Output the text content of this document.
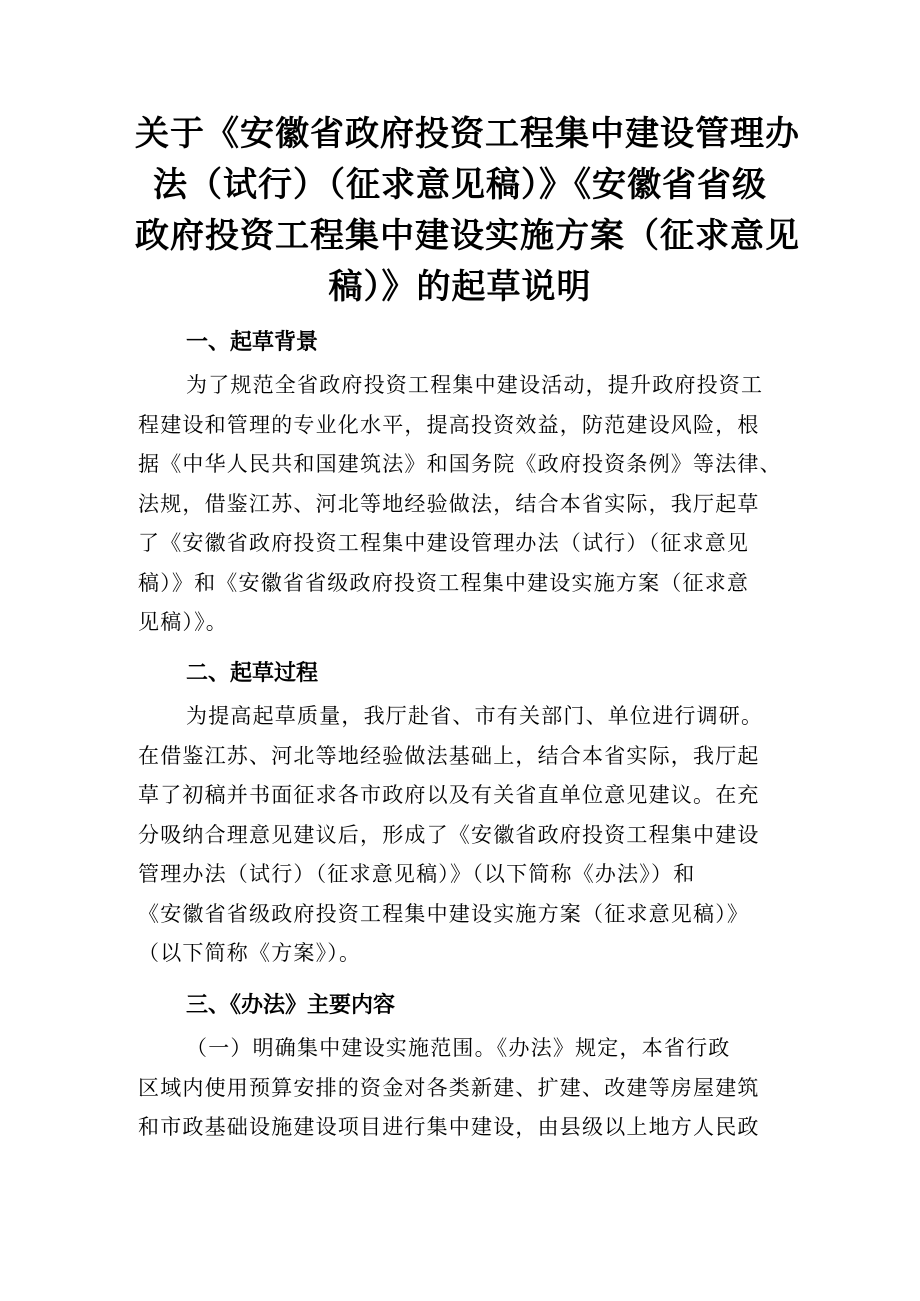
关于《安徽省政府投资工程集中建设管理办
法（试行）（征求意见稿）》《安徽省省级
政府投资工程集中建设实施方案（征求意见
稿）》的起草说明
一、起草背景
为了规范全省政府投资工程集中建设活动，提升政府投资工
程建设和管理的专业化水平，提高投资效益，防范建设风险，根
据《中华人民共和国建筑法》和国务院《政府投资条例》等法律、
法规，借鉴江苏、河北等地经验做法，结合本省实际，我厅起草
了《安徽省政府投资工程集中建设管理办法（试行）（征求意见
稿）》和《安徽省省级政府投资工程集中建设实施方案（征求意
见稿）》。
二、起草过程
为提高起草质量，我厅赴省、市有关部门、单位进行调研。
在借鉴江苏、河北等地经验做法基础上，结合本省实际，我厅起
草了初稿并书面征求各市政府以及有关省直单位意见建议。在充
分吸纳合理意见建议后，形成了《安徽省政府投资工程集中建设
管理办法（试行）（征求意见稿）》（以下简称《办法》）和
《安徽省省级政府投资工程集中建设实施方案（征求意见稿）》
（以下简称《方案》）。
三、《办法》主要内容
（一）明确集中建设实施范围。《办法》规定，本省行政
区域内使用预算安排的资金对各类新建、扩建、改建等房屋建筑
和市政基础设施建设项目进行集中建设，由县级以上地方人民政
